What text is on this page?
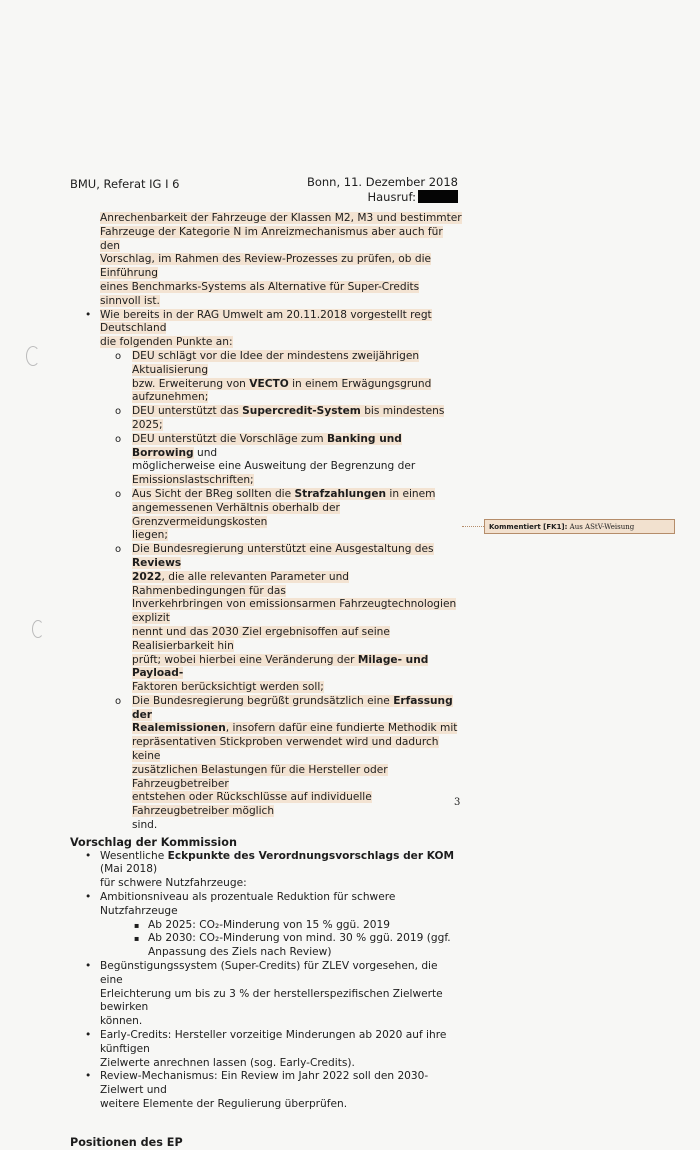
BMU, Referat IG I 6	Bonn, 11. Dezember 2018
Hausruf:
Anrechenbarkeit der Fahrzeuge der Klassen M2, M3 und bestimmter
Fahrzeuge der Kategorie N im Anreizmechanismus aber auch für den
Vorschlag, im Rahmen des Review-Prozesses zu prüfen, ob die Einführung
eines Benchmarks-Systems als Alternative für Super-Credits sinnvoll ist.
• Wie bereits in der RAG Umwelt am 20.11.2018 vorgestellt regt Deutschland
die folgenden Punkte an:
o DEU schlägt vor die Idee der mindestens zweijährigen Aktualisierung
bzw. Erweiterung von VECTO in einem Erwägungsgrund aufzunehmen;
o DEU unterstützt das Supercredit-System bis mindestens 2025;
o DEU unterstützt die Vorschläge zum Banking und Borrowing und
möglicherweise eine Ausweitung der Begrenzung der
Emissionslastschriften;
o Aus Sicht der BReg sollten die Strafzahlungen in einem
angemessenen Verhältnis oberhalb der Grenzvermeidungskosten
liegen;
o Die Bundesregierung unterstützt eine Ausgestaltung des Reviews
2022, die alle relevanten Parameter und Rahmenbedingungen für das
Inverkehrbringen von emissionsarmen Fahrzeugtechnologien explizit
nennt und das 2030 Ziel ergebnisoffen auf seine Realisierbarkeit hin
prüft; wobei hierbei eine Veränderung der Milage- und Payload-
Faktoren berücksichtigt werden soll;
o Die Bundesregierung begrüßt grundsätzlich eine Erfassung der
Realemissionen, insofern dafür eine fundierte Methodik mit
repräsentativen Stickproben verwendet wird und dadurch keine
zusätzlichen Belastungen für die Hersteller oder Fahrzeugbetreiber
entstehen oder Rückschlüsse auf individuelle Fahrzeugbetreiber möglich
sind.
Vorschlag der Kommission
• Wesentliche Eckpunkte des Verordnungsvorschlags der KOM (Mai 2018)
für schwere Nutzfahrzeuge:
• Ambitionsniveau als prozentuale Reduktion für schwere Nutzfahrzeuge
▪ Ab 2025: CO₂-Minderung von 15 % ggü. 2019
▪ Ab 2030: CO₂-Minderung von mind. 30 % ggü. 2019 (ggf.
Anpassung des Ziels nach Review)
• Begünstigungssystem (Super-Credits) für ZLEV vorgesehen, die eine
Erleichterung um bis zu 3 % der herstellerspezifischen Zielwerte bewirken
können.
• Early-Credits: Hersteller vorzeitige Minderungen ab 2020 auf ihre künftigen
Zielwerte anrechnen lassen (sog. Early-Credits).
• Review-Mechanismus: Ein Review im Jahr 2022 soll den 2030-Zielwert und
weitere Elemente der Regulierung überprüfen.
Positionen des EP
Kommentiert [FK1]: Aus AStV-Weisung
3
